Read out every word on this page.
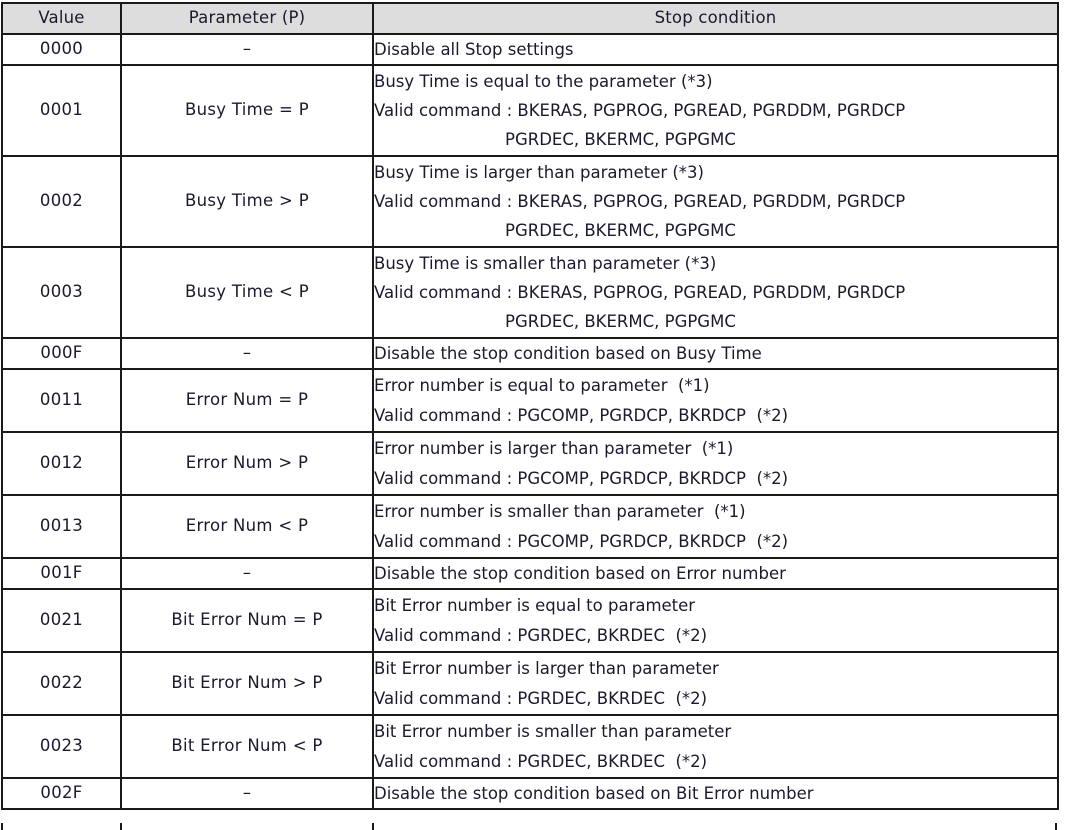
Value	Parameter (P)	Stop condition
0000	–	Disable all Stop settings

0001	Busy Time = P	Busy Time is equal to the parameter (*3)
Valid command : BKERAS, PGPROG, PGREAD, PGRDDM, PGRDCP
PGRDEC, BKERMC, PGPGMC

0002	Busy Time > P	Busy Time is larger than parameter (*3)
Valid command : BKERAS, PGPROG, PGREAD, PGRDDM, PGRDCP
PGRDEC, BKERMC, PGPGMC

0003	Busy Time < P	Busy Time is smaller than parameter (*3)
Valid command : BKERAS, PGPROG, PGREAD, PGRDDM, PGRDCP
PGRDEC, BKERMC, PGPGMC

000F	–	Disable the stop condition based on Busy Time

0011	Error Num = P	Error number is equal to parameter  (*1)
Valid command : PGCOMP, PGRDCP, BKRDCP  (*2)

0012	Error Num > P	Error number is larger than parameter  (*1)
Valid command : PGCOMP, PGRDCP, BKRDCP  (*2)

0013	Error Num < P	Error number is smaller than parameter  (*1)
Valid command : PGCOMP, PGRDCP, BKRDCP  (*2)

001F	–	Disable the stop condition based on Error number

0021	Bit Error Num = P	Bit Error number is equal to parameter
Valid command : PGRDEC, BKRDEC  (*2)

0022	Bit Error Num > P	Bit Error number is larger than parameter
Valid command : PGRDEC, BKRDEC  (*2)

0023	Bit Error Num < P	Bit Error number is smaller than parameter
Valid command : PGRDEC, BKRDEC  (*2)

002F	–	Disable the stop condition based on Bit Error number
